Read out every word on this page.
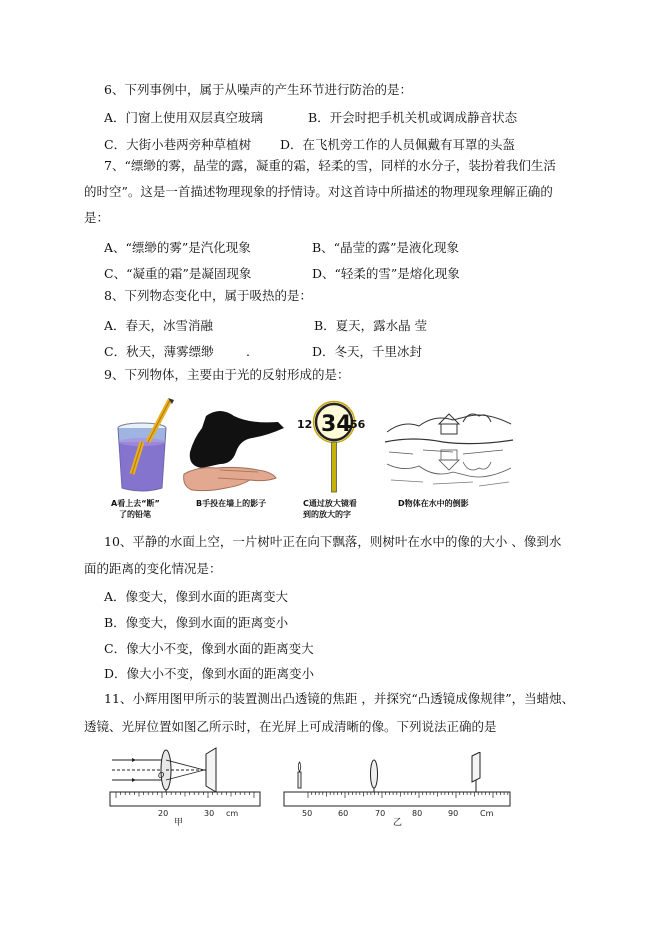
6、下列事例中，属于从噪声的产生环节进行防治的是：
A．门窗上使用双层真空玻璃	B．开会时把手机关机或调成静音状态
C．大街小巷两旁种草植树 D．在飞机旁工作的人员佩戴有耳罩的头盔
7、“缥缈的雾，晶莹的露，凝重的霜，轻柔的雪，同样的水分子，装扮着我们生活
的时空”。这是一首描述物理现象的抒情诗。对这首诗中所描述的物理现象理解正确的
是：
A、“缥缈的雾”是汽化现象	B、“晶莹的露”是液化现象
C、“凝重的霜”是凝固现象	D、“轻柔的雪”是熔化现象
8、下列物态变化中，属于吸热的是：
A．春天，冰雪消融	B．夏天，露水晶 莹
C．秋天，薄雾缥缈	.	D．冬天，千里冰封
9、下列物体，主要由于光的反射形成的是：
A看上去“断”
了的铅笔
B手投在墙上的影子
12 34
56
C通过放大镜看
到的放大的字
D物体在水中的倒影
10、平静的水面上空，一片树叶正在向下飘落，则树叶在水中的像的大小 、像到水
面的距离的变化情况是：
A．像变大，像到水面的距离变大
B．像变大，像到水面的距离变小
C．像大小不变，像到水面的距离变大
D．像大小不变，像到水面的距离变小
11、小辉用图甲所示的装置测出凸透镜的焦距 ，并探究“凸透镜成像规律”，当蜡烛、
透镜、光屏位置如图乙所示时，在光屏上可成清晰的像。下列说法正确的是
O
20	30 cm
甲
50	60	70	80	90	Cm
乙
